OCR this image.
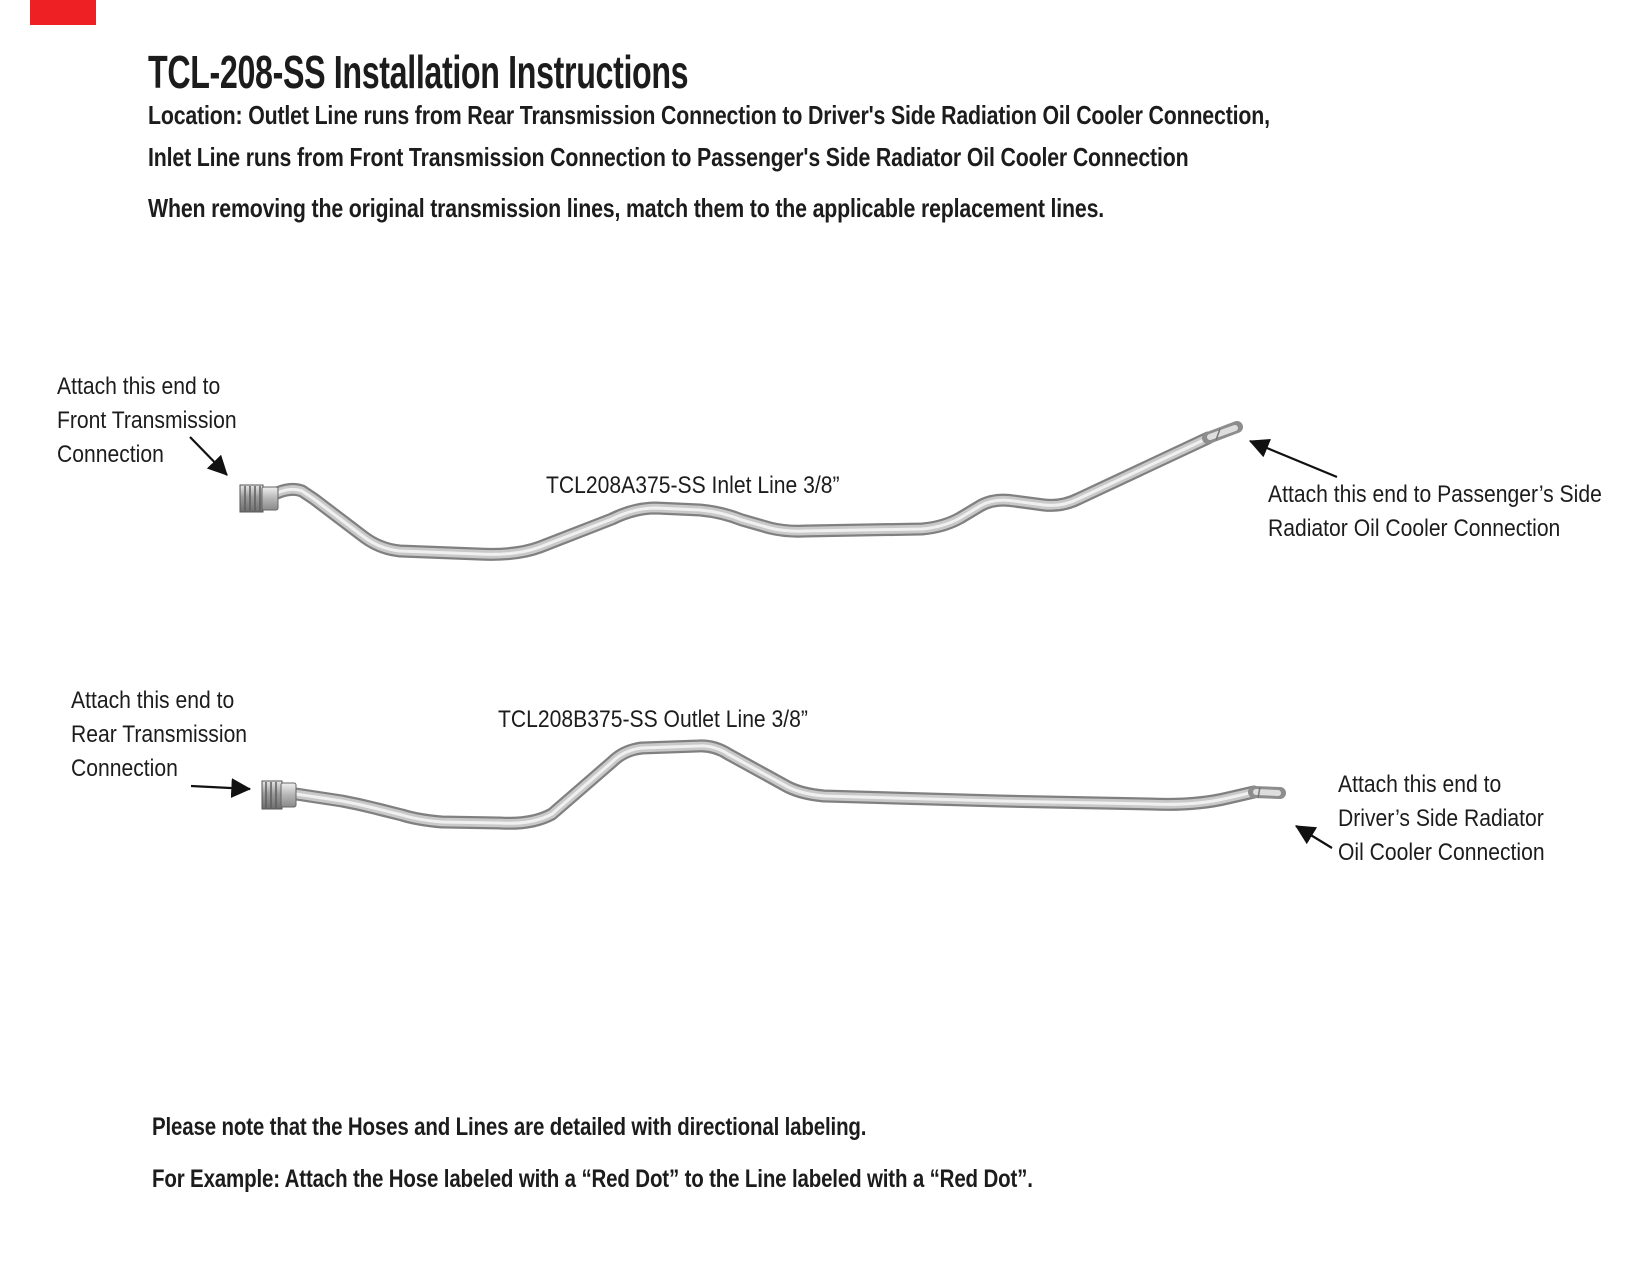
TCL-208-SS Installation Instructions
Location: Outlet Line runs from Rear Transmission Connection to Driver's Side Radiation Oil Cooler Connection,
Inlet Line runs from Front Transmission Connection to Passenger's Side Radiator Oil Cooler Connection
When removing the original transmission lines, match them to the applicable replacement lines.
Attach this end to
Front Transmission
Connection
TCL208A375-SS Inlet Line 3/8”	Attach this end to Passenger’s Side
Radiator Oil Cooler Connection
Attach this end to
Rear Transmission
Connection
TCL208B375-SS Outlet Line 3/8”
Attach this end to
Driver’s Side Radiator
Oil Cooler Connection
Please note that the Hoses and Lines are detailed with directional labeling.
For Example: Attach the Hose labeled with a “Red Dot” to the Line labeled with a “Red Dot”.
